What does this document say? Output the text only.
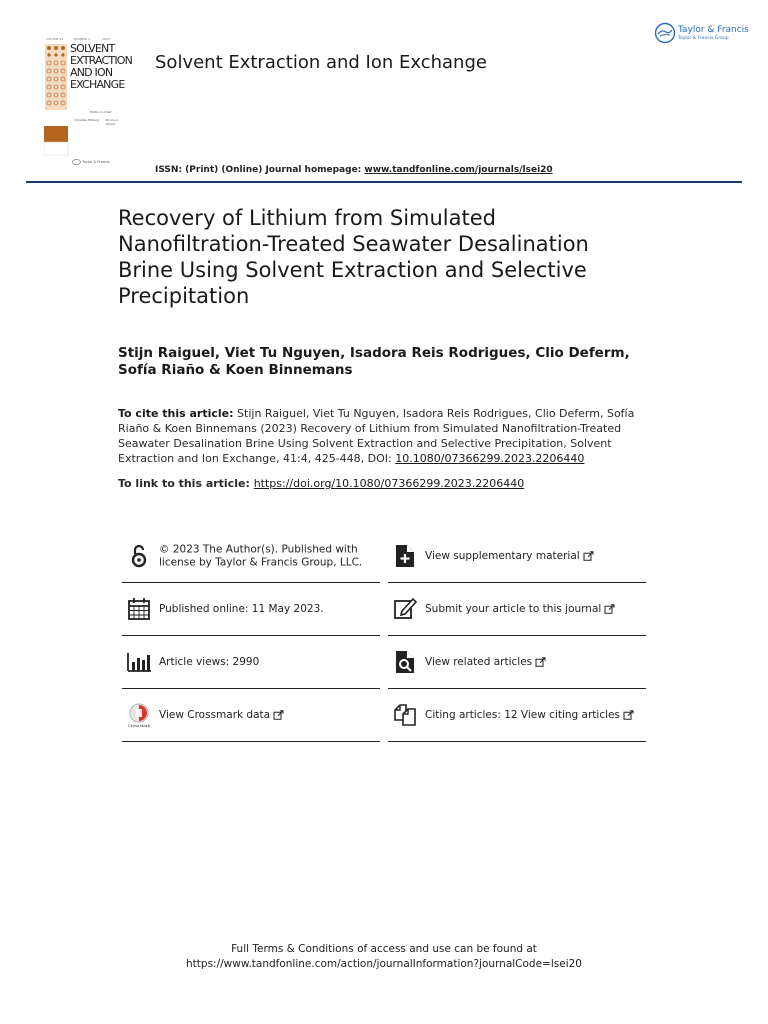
VOLUME 41	NUMBER 4	2023
SOLVENT
EXTRACTION
AND ION
EXCHANGE
Editor-in-Chief
Christian Ekberg Bruce A. Moyer
Taylor & Francis
Solvent Extraction and Ion Exchange
Taylor & Francis
Taylor & Francis Group
ISSN: (Print) (Online) Journal homepage: www.tandfonline.com/journals/lsei20
Recovery of Lithium from Simulated Nanofiltration-Treated Seawater Desalination Brine Using Solvent Extraction and Selective Precipitation
Stijn Raiguel, Viet Tu Nguyen, Isadora Reis Rodrigues, Clio Deferm, Sofía Riaño & Koen Binnemans
To cite this article: Stijn Raiguel, Viet Tu Nguyen, Isadora Reis Rodrigues, Clio Deferm, Sofía Riaño & Koen Binnemans (2023) Recovery of Lithium from Simulated Nanofiltration-Treated Seawater Desalination Brine Using Solvent Extraction and Selective Precipitation, Solvent Extraction and Ion Exchange, 41:4, 425-448, DOI: 10.1080/07366299.2023.2206440
To link to this article: https://doi.org/10.1080/07366299.2023.2206440
© 2023 The Author(s). Published with license by Taylor & Francis Group, LLC.
Published online: 11 May 2023.
Article views: 2990
CrossMark
View Crossmark data
View supplementary material
Submit your article to this journal
View related articles
Citing articles: 12 View citing articles
Full Terms & Conditions of access and use can be found at
https://www.tandfonline.com/action/journalInformation?journalCode=lsei20
